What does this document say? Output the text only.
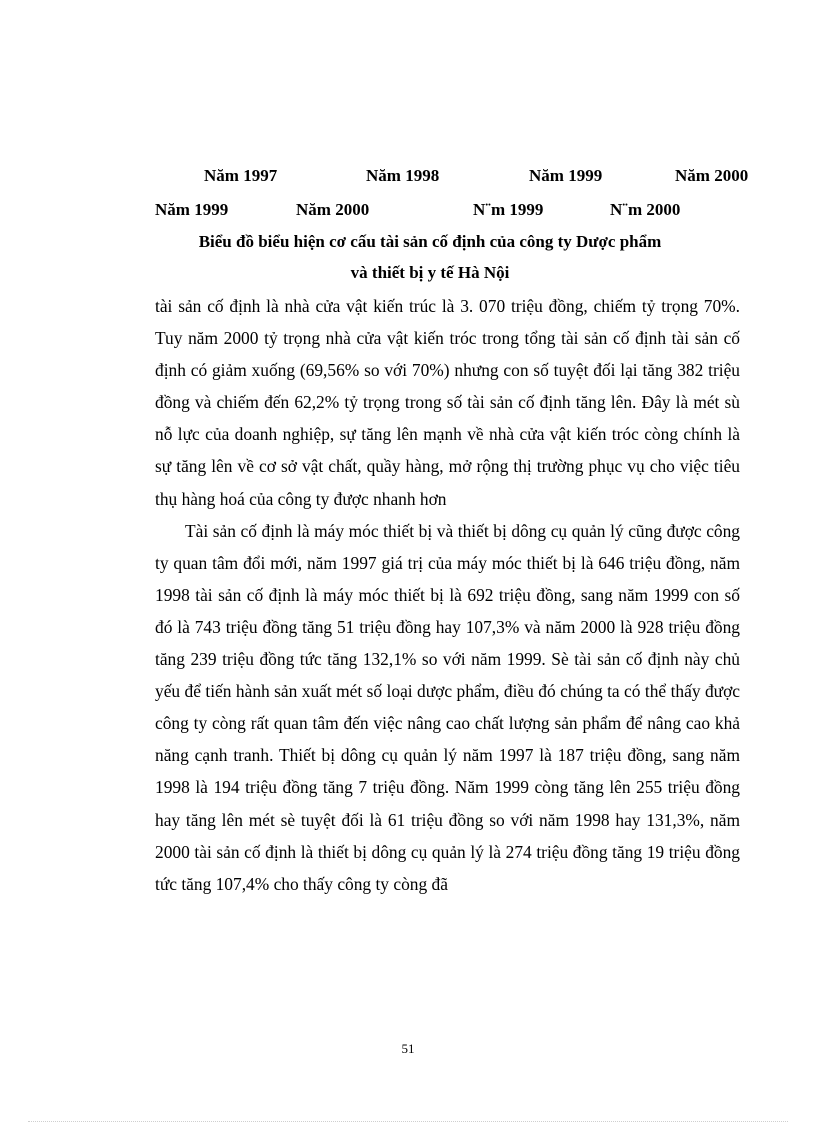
Năm 1997	Năm 1998	Năm 1999	Năm 2000
Năm 1999	Năm 2000	N¨m 1999	N¨m 2000
Biểu đồ biểu hiện cơ cấu tài sản cố định của công ty Dược phẩm
và thiết bị y tế Hà Nội

tài sản cố định là nhà cửa vật kiến trúc là 3. 070 triệu đồng, chiếm tỷ trọng 70%. Tuy năm 2000 tỷ trọng nhà cửa vật kiến tróc trong tổng tài sản cố định tài sản cố định có giảm xuống (69,56% so với 70%) nhưng con số tuyệt đối lại tăng 382 triệu đồng và chiếm đến 62,2% tỷ trọng trong số tài sản cố định tăng lên. Đây là mét sù nỗ lực của doanh nghiệp, sự tăng lên mạnh về nhà cửa vật kiến tróc còng chính là sự tăng lên về cơ sở vật chất, quầy hàng, mở rộng thị trường phục vụ cho việc tiêu thụ hàng hoá của công ty được nhanh hơn

Tài sản cố định là máy móc thiết bị và thiết bị dông cụ quản lý cũng được công ty quan tâm đổi mới, năm 1997 giá trị của máy móc thiết bị là 646 triệu đồng, năm 1998 tài sản cố định là máy móc thiết bị là 692 triệu đồng, sang năm 1999 con số đó là 743 triệu đồng tăng 51 triệu đồng hay 107,3% và năm 2000 là 928 triệu đồng tăng 239 triệu đồng tức tăng 132,1% so với năm 1999. Sè tài sản cố định này chủ yếu để tiến hành sản xuất mét số loại dược phẩm, điều đó chúng ta có thể thấy được công ty còng rất quan tâm đến việc nâng cao chất lượng sản phẩm để nâng cao khả năng cạnh tranh. Thiết bị dông cụ quản lý năm 1997 là 187 triệu đồng, sang năm 1998 là 194 triệu đồng tăng 7 triệu đồng. Năm 1999 còng tăng lên 255 triệu đồng hay tăng lên mét sè tuyệt đối là 61 triệu đồng so với năm 1998 hay 131,3%, năm 2000 tài sản cố định là thiết bị dông cụ quản lý là 274 triệu đồng tăng 19 triệu đồng tức tăng 107,4% cho thấy công ty còng đã

51
